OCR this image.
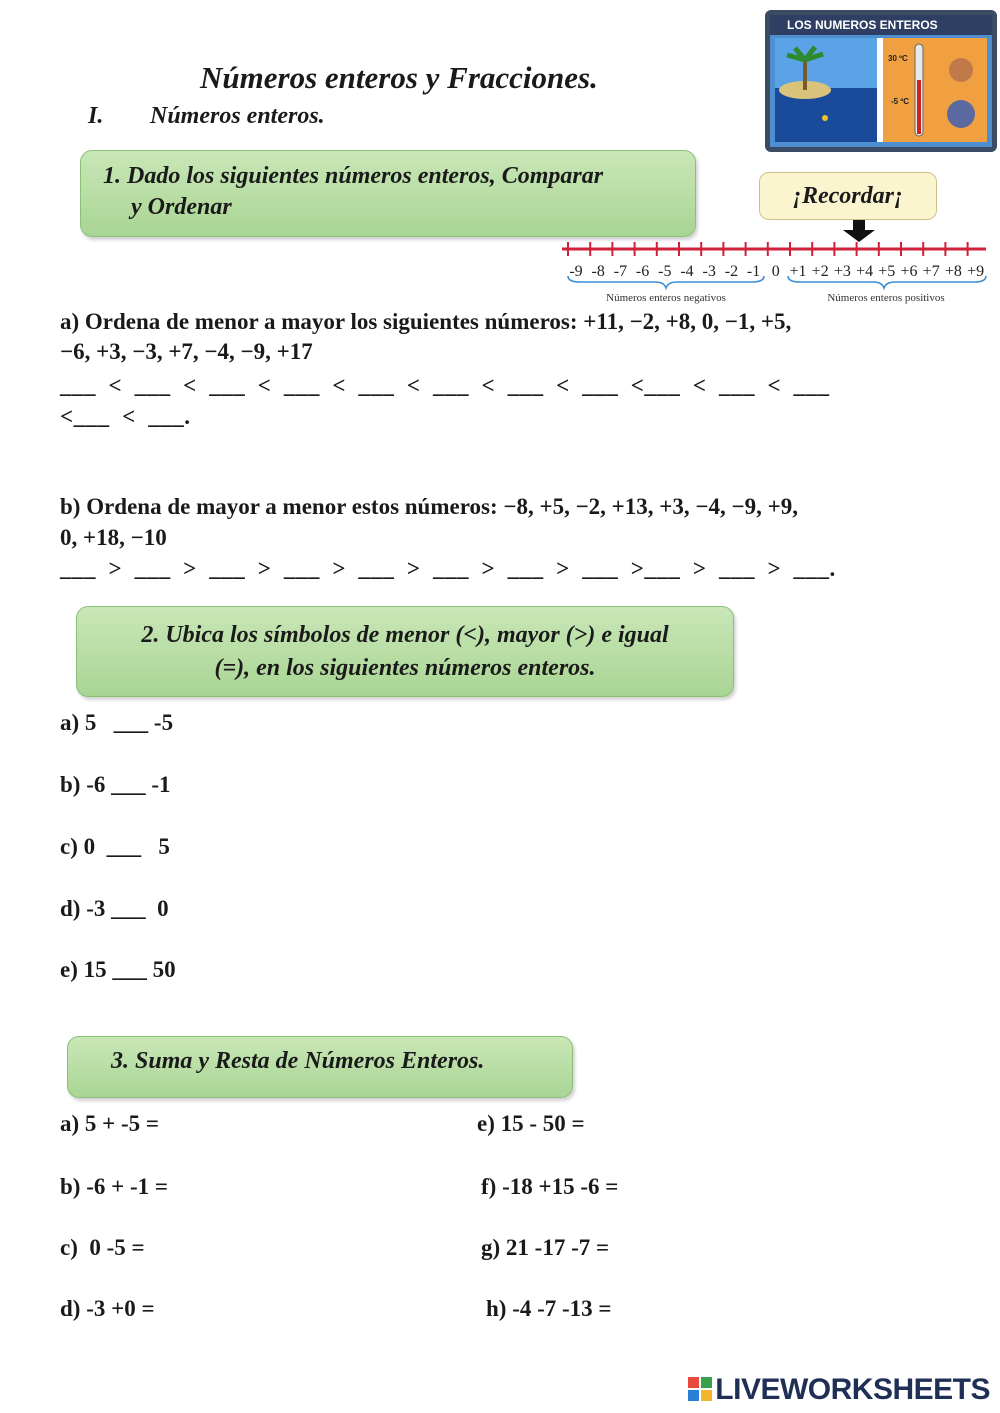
Números enteros y Fracciones.
I. Números enteros.
LOS NUMEROS ENTEROS
30 ºC
-5 ºC
¡Recordar¡
-9 -8 -7 -6 -5 -4 -3 -2 -1 0 +1 +2 +3 +4 +5 +6 +7 +8 +9
Números enteros negativos	Números enteros positivos
1. Dado los siguientes números enteros, Comparar
y Ordenar
a) Ordena de menor a mayor los siguientes números: +11, −2, +8, 0, −1, +5,
−6, +3, −3, +7, −4, −9, +17
___  <  ___  <  ___  <  ___  <  ___  <  ___  <  ___  <  ___  <___  <  ___  <  ___
<___  <  ___.
b) Ordena de mayor a menor estos números: −8, +5, −2, +13, +3, −4, −9, +9,
0, +18, −10
___  >  ___  >  ___  >  ___  >  ___  >  ___  >  ___  >  ___  >___  >  ___  >  ___.
2. Ubica los símbolos de menor (<), mayor (>) e igual
(=), en los siguientes números enteros.
a) 5   ___ -5
b) -6 ___ -1
c) 0  ___   5
d) -3 ___  0
e) 15 ___ 50
3. Suma y Resta de Números Enteros.
a) 5 + -5 =
b) -6 + -1 =
c)  0 -5 =
d) -3 +0 =
e) 15 - 50 =
f) -18 +15 -6 =
g) 21 -17 -7 =
h) -4 -7 -13 =
LIVEWORKSHEETS
